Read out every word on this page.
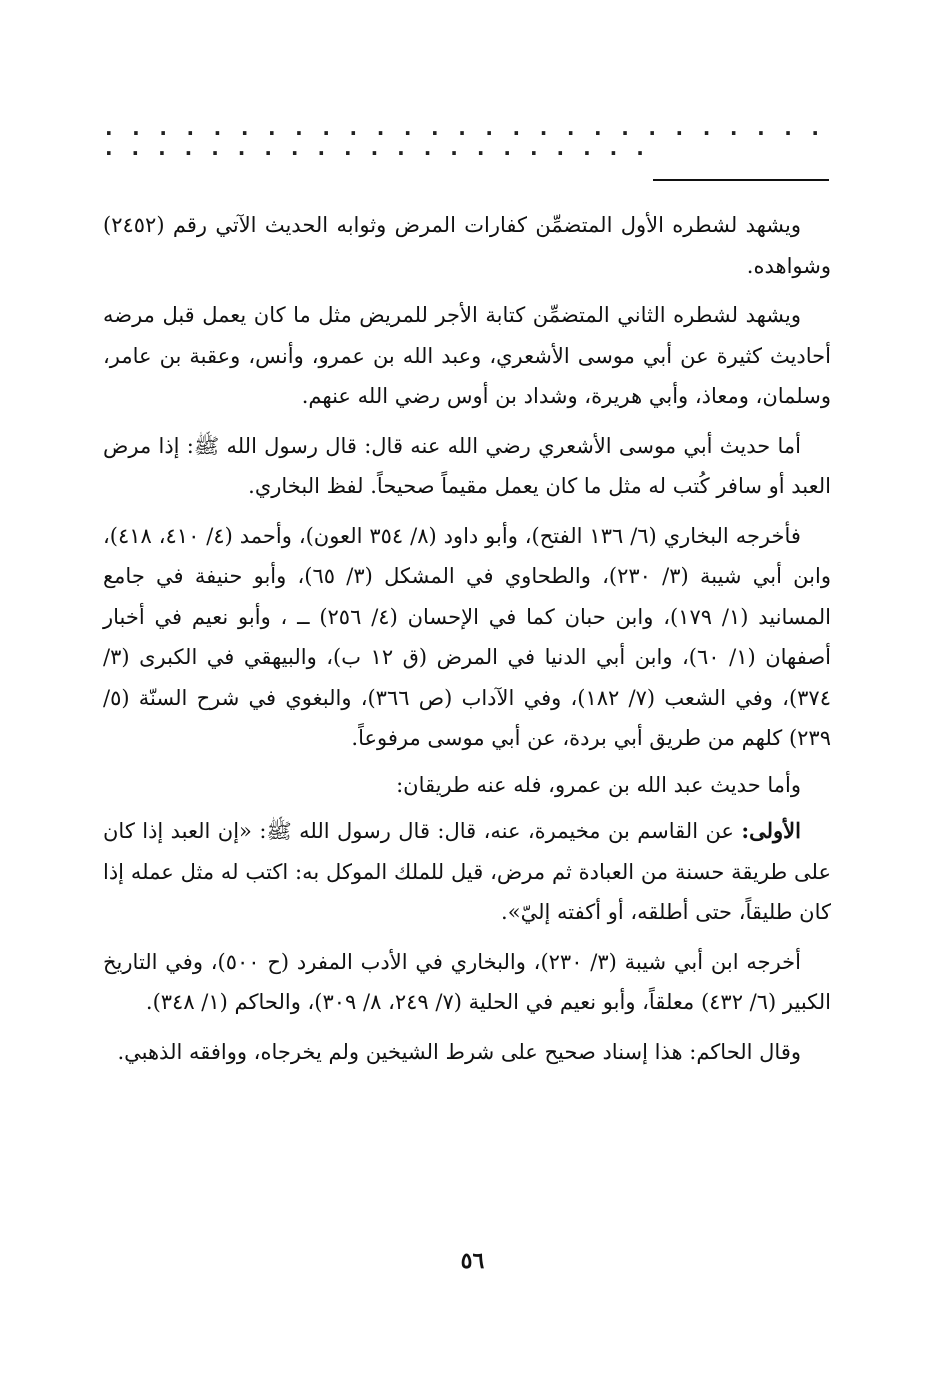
. . . . . . . . . . . . . . . . . . . . . . . . . . . . . . . . . . . . . . . . . . . . . . . .

ويشهد لشطره الأول المتضمِّن كفارات المرض وثوابه الحديث الآتي رقم (٢٤٥٢) وشواهده.

ويشهد لشطره الثاني المتضمِّن كتابة الأجر للمريض مثل ما كان يعمل قبل مرضه أحاديث كثيرة عن أبي موسى الأشعري، وعبد الله بن عمرو، وأنس، وعقبة بن عامر، وسلمان، ومعاذ، وأبي هريرة، وشداد بن أوس رضي الله عنهم.

أما حديث أبي موسى الأشعري رضي الله عنه قال: قال رسول الله ﷺ: إذا مرض العبد أو سافر كُتب له مثل ما كان يعمل مقيماً صحيحاً. لفظ البخاري.

فأخرجه البخاري (٦/ ١٣٦ الفتح)، وأبو داود (٨/ ٣٥٤ العون)، وأحمد (٤/ ٤١٠، ٤١٨)، وابن أبي شيبة (٣/ ٢٣٠)، والطحاوي في المشكل (٣/ ٦٥)، وأبو حنيفة في جامع المسانيد (١/ ١٧٩)، وابن حبان كما في الإحسان (٤/ ٢٥٦) ــ ، وأبو نعيم في أخبار أصفهان (١/ ٦٠)، وابن أبي الدنيا في المرض (ق ١٢ ب)، والبيهقي في الكبرى (٣/ ٣٧٤)، وفي الشعب (٧/ ١٨٢)، وفي الآداب (ص ٣٦٦)، والبغوي في شرح السنّة (٥/ ٢٣٩) كلهم من طريق أبي بردة، عن أبي موسى مرفوعاً.

وأما حديث عبد الله بن عمرو، فله عنه طريقان:

الأولى: عن القاسم بن مخيمرة، عنه، قال: قال رسول الله ﷺ: «إن العبد إذا كان على طريقة حسنة من العبادة ثم مرض، قيل للملك الموكل به: اكتب له مثل عمله إذا كان طليقاً، حتى أطلقه، أو أكفته إليّ».

أخرجه ابن أبي شيبة (٣/ ٢٣٠)، والبخاري في الأدب المفرد (ح ٥٠٠)، وفي التاريخ الكبير (٦/ ٤٣٢) معلقاً، وأبو نعيم في الحلية (٧/ ٢٤٩، ٨/ ٣٠٩)، والحاكم (١/ ٣٤٨).

وقال الحاكم: هذا إسناد صحيح على شرط الشيخين ولم يخرجاه، ووافقه الذهبي.

٥٦
